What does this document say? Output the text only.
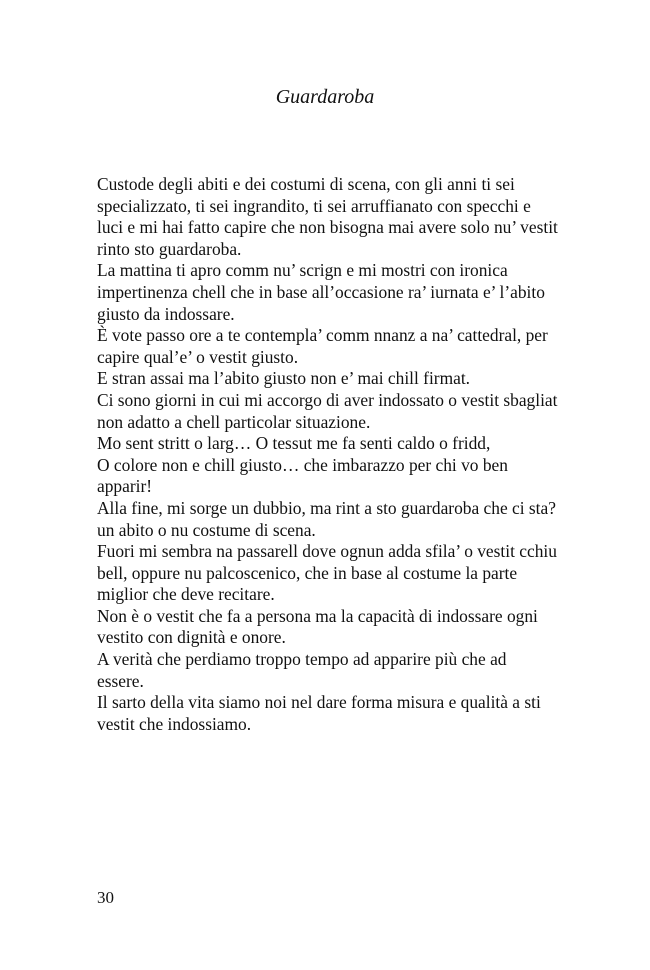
Guardaroba
Custode degli abiti e dei costumi di scena, con gli anni ti sei
specializzato, ti sei ingrandito, ti sei arruffianato con specchi e
luci e mi hai fatto capire che non bisogna mai avere solo nu’ vestit
rinto sto guardaroba.
La mattina ti apro comm nu’ scrign e mi mostri con ironica
impertinenza chell che in base all’occasione ra’ iurnata e’ l’abito
giusto da indossare.
È vote passo ore a te contempla’ comm nnanz a na’ cattedral, per
capire qual’e’ o vestit giusto.
E stran assai ma l’abito giusto non e’ mai chill firmat.
Ci sono giorni in cui mi accorgo di aver indossato o vestit sbagliat
non adatto a chell particolar situazione.
Mo sent stritt o larg… O tessut me fa senti caldo o fridd,
O colore non e chill giusto… che imbarazzo per chi vo ben
apparir!
Alla fine, mi sorge un dubbio, ma rint a sto guardaroba che ci sta?
un abito o nu costume di scena.
Fuori mi sembra na passarell dove ognun adda sfila’ o vestit cchiu
bell, oppure nu palcoscenico, che in base al costume la parte
miglior che deve recitare.
Non è o vestit che fa a persona ma la capacità di indossare ogni
vestito con dignità e onore.
A verità che perdiamo troppo tempo ad apparire più che ad
essere.
Il sarto della vita siamo noi nel dare forma misura e qualità a sti
vestit che indossiamo.
30
